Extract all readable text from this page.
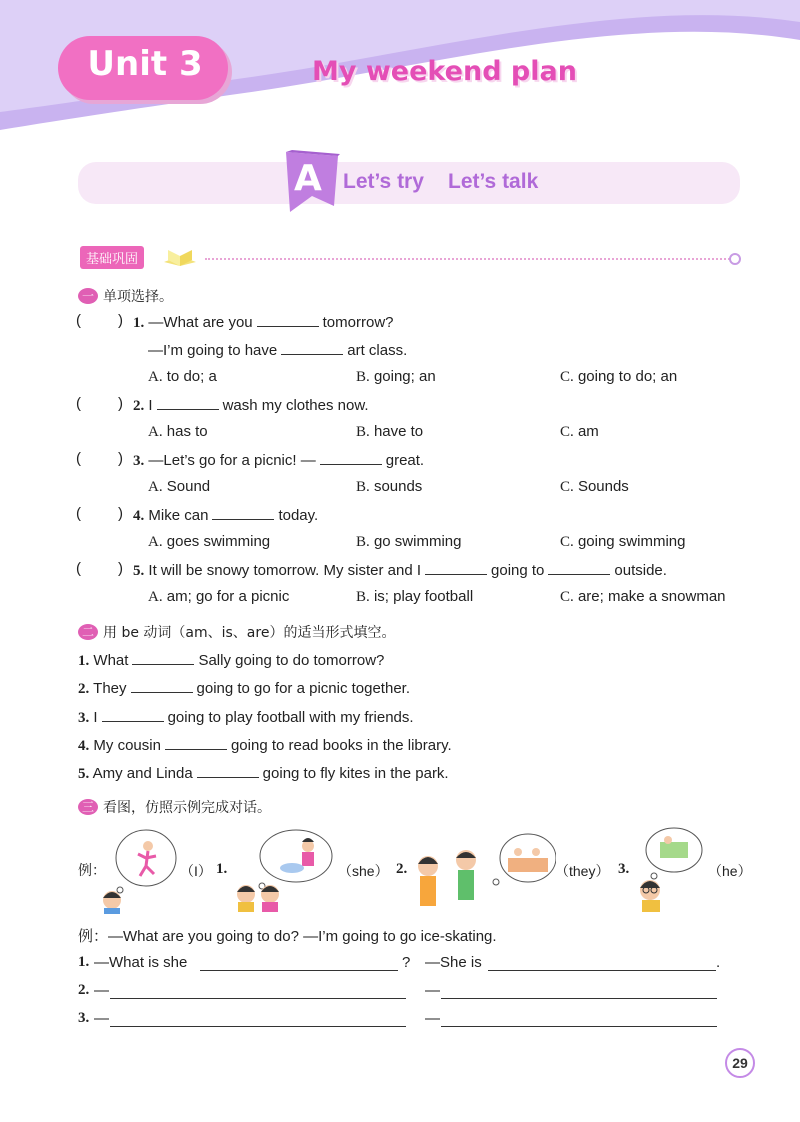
Unit 3	My weekend plan
A Let’s try Let’s talk
基础巩固
一 单项选择。
( ) 1. —What are you	tomorrow?
—I’m going to have	art class.
A. to do; a	B. going; an	C. going to do; an
( ) 2. I	wash my clothes now.
A. has to	B. have to	C. am
( ) 3. —Let’s go for a picnic! —	great.
A. Sound	B. sounds	C. Sounds
( ) 4. Mike can	today.
A. goes swimming	B. go swimming	C. going swimming
( ) 5. It will be snowy tomorrow. My sister and I	going to	outside.
A. am; go for a picnic	B. is; play football	C. are; make a snowman
二 用 be 动词（am、is、are）的适当形式填空。
1. What	Sally going to do tomorrow?
2. They	going to go for a picnic together.
3. I	going to play football with my friends.
4. My cousin	going to read books in the library.
5. Amy and Linda	going to fly kites in the park.
三 看图，仿照示例完成对话。
例：	（I） 1.	（she） 2.	（they） 3.	（he）
例：—What are you going to do? —I’m going to go ice-skating.
1. —What is she	? —She is	.
2. —	—
3. —	—
29
